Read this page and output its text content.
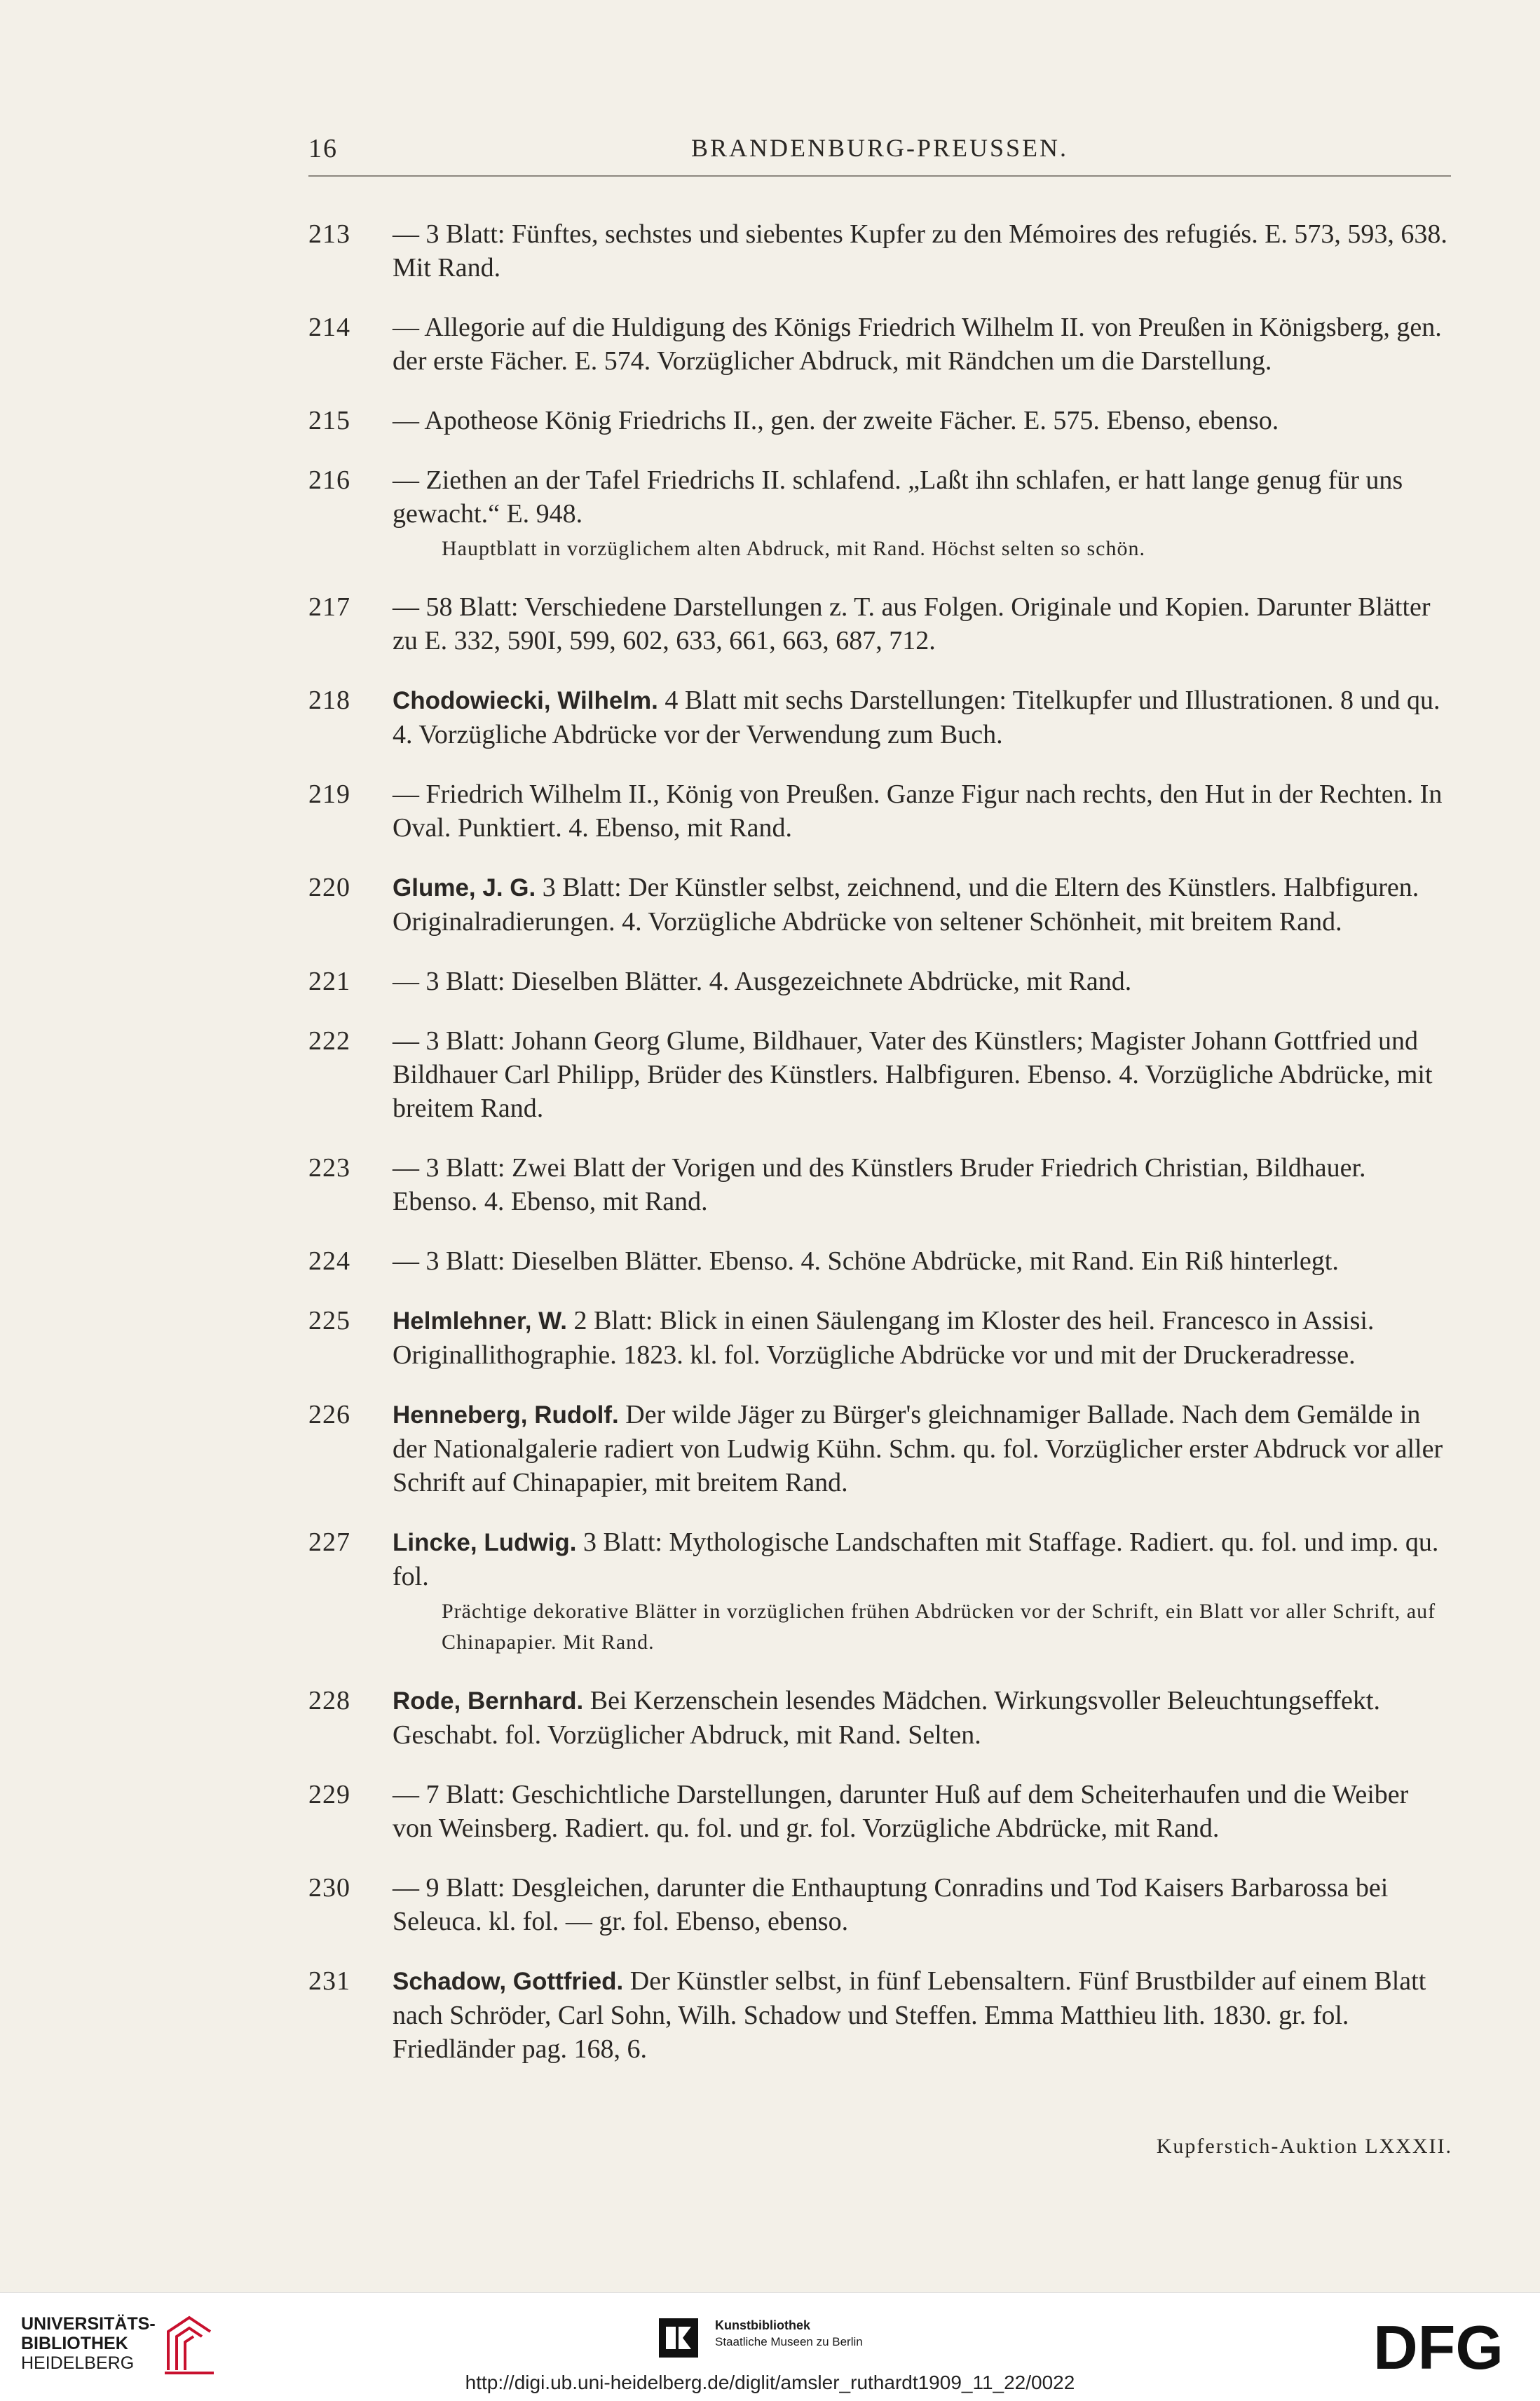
16	BRANDENBURG-PREUSSEN.
213	— 3 Blatt: Fünftes, sechstes und siebentes Kupfer zu den Mémoires des refugiés. E. 573, 593, 638. Mit Rand.
214	— Allegorie auf die Huldigung des Königs Friedrich Wilhelm II. von Preußen in Königsberg, gen. der erste Fächer. E. 574. Vorzüglicher Abdruck, mit Rändchen um die Darstellung.
215	— Apotheose König Friedrichs II., gen. der zweite Fächer. E. 575. Ebenso, ebenso.
216	— Ziethen an der Tafel Friedrichs II. schlafend. „Laßt ihn schlafen, er hatt lange genug für uns gewacht.“ E. 948.
Hauptblatt in vorzüglichem alten Abdruck, mit Rand. Höchst selten so schön.
217	— 58 Blatt: Verschiedene Darstellungen z. T. aus Folgen. Originale und Kopien. Darunter Blätter zu E. 332, 590I, 599, 602, 633, 661, 663, 687, 712.
218	Chodowiecki, Wilhelm. 4 Blatt mit sechs Darstellungen: Titelkupfer und Illustrationen. 8 und qu. 4. Vorzügliche Abdrücke vor der Verwendung zum Buch.
219	— Friedrich Wilhelm II., König von Preußen. Ganze Figur nach rechts, den Hut in der Rechten. In Oval. Punktiert. 4. Ebenso, mit Rand.
220	Glume, J. G. 3 Blatt: Der Künstler selbst, zeichnend, und die Eltern des Künstlers. Halbfiguren. Originalradierungen. 4. Vorzügliche Abdrücke von seltener Schönheit, mit breitem Rand.
221	— 3 Blatt: Dieselben Blätter. 4. Ausgezeichnete Abdrücke, mit Rand.
222	— 3 Blatt: Johann Georg Glume, Bildhauer, Vater des Künstlers; Magister Johann Gottfried und Bildhauer Carl Philipp, Brüder des Künstlers. Halbfiguren. Ebenso. 4. Vorzügliche Abdrücke, mit breitem Rand.
223	— 3 Blatt: Zwei Blatt der Vorigen und des Künstlers Bruder Friedrich Christian, Bildhauer. Ebenso. 4. Ebenso, mit Rand.
224	— 3 Blatt: Dieselben Blätter. Ebenso. 4. Schöne Abdrücke, mit Rand. Ein Riß hinterlegt.
225	Helmlehner, W. 2 Blatt: Blick in einen Säulengang im Kloster des heil. Francesco in Assisi. Originallithographie. 1823. kl. fol. Vorzügliche Abdrücke vor und mit der Druckeradresse.
226	Henneberg, Rudolf. Der wilde Jäger zu Bürger's gleichnamiger Ballade. Nach dem Gemälde in der Nationalgalerie radiert von Ludwig Kühn. Schm. qu. fol. Vorzüglicher erster Abdruck vor aller Schrift auf Chinapapier, mit breitem Rand.
227	Lincke, Ludwig. 3 Blatt: Mythologische Landschaften mit Staffage. Radiert. qu. fol. und imp. qu. fol.
Prächtige dekorative Blätter in vorzüglichen frühen Abdrücken vor der Schrift, ein Blatt vor aller Schrift, auf Chinapapier. Mit Rand.
228	Rode, Bernhard. Bei Kerzenschein lesendes Mädchen. Wirkungsvoller Beleuchtungseffekt. Geschabt. fol. Vorzüglicher Abdruck, mit Rand. Selten.
229	— 7 Blatt: Geschichtliche Darstellungen, darunter Huß auf dem Scheiterhaufen und die Weiber von Weinsberg. Radiert. qu. fol. und gr. fol. Vorzügliche Abdrücke, mit Rand.
230	— 9 Blatt: Desgleichen, darunter die Enthauptung Conradins und Tod Kaisers Barbarossa bei Seleuca. kl. fol. — gr. fol. Ebenso, ebenso.
231	Schadow, Gottfried. Der Künstler selbst, in fünf Lebensaltern. Fünf Brustbilder auf einem Blatt nach Schröder, Carl Sohn, Wilh. Schadow und Steffen. Emma Matthieu lith. 1830. gr. fol. Friedländer pag. 168, 6.
Kupferstich-Auktion LXXXII.
UNIVERSITÄTS-
BIBLIOTHEK
HEIDELBERG
Kunstbibliothek
Staatliche Museen zu Berlin	DFG
http://digi.ub.uni-heidelberg.de/diglit/amsler_ruthardt1909_11_22/0022
